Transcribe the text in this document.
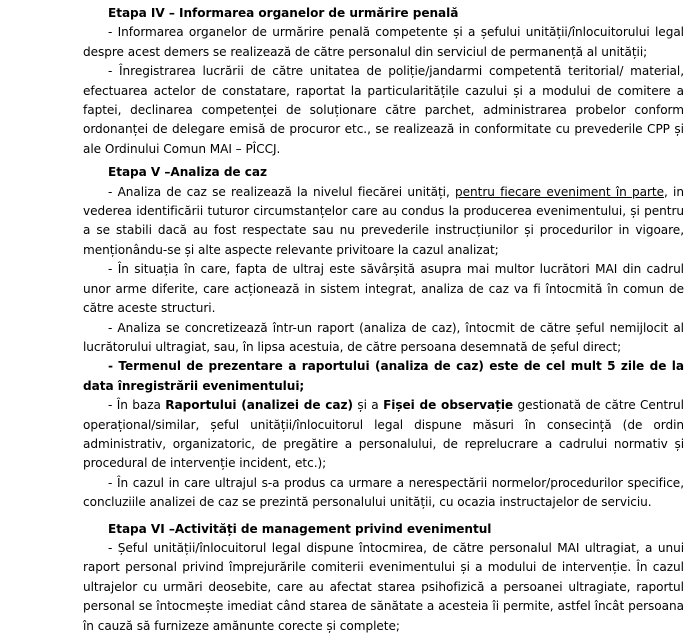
Etapa IV – Informarea organelor de urmărire penală
- Informarea organelor de urmărire penală competente și a șefului unității/înlocuitorului legal despre acest demers se realizează de către personalul din serviciul de permanență al unității;
- Înregistrarea lucrării de către unitatea de poliție/jandarmi competentă teritorial/ material, efectuarea actelor de constatare, raportat la particularitățile cazului și a modului de comitere a faptei, declinarea competenței de soluționare către parchet, administrarea probelor conform ordonanței de delegare emisă de procuror etc., se realizează in conformitate cu prevederile CPP și ale Ordinului Comun MAI – PÎCCJ.
Etapa V –Analiza de caz
- Analiza de caz se realizează la nivelul fiecărei unități, pentru fiecare eveniment în parte, in vederea identificării tuturor circumstanțelor care au condus la producerea evenimentului, și pentru a se stabili dacă au fost respectate sau nu prevederile instrucțiunilor și procedurilor in vigoare, menționându-se și alte aspecte relevante privitoare la cazul analizat;
- În situația în care, fapta de ultraj este săvârșită asupra mai multor lucrători MAI din cadrul unor arme diferite, care acționează in sistem integrat, analiza de caz va fi întocmită în comun de către aceste structuri.
- Analiza se concretizează într-un raport (analiza de caz), întocmit de către șeful nemijlocit al lucrătorului ultragiat, sau, în lipsa acestuia, de către persoana desemnată de șeful direct;
- Termenul de prezentare a raportului (analiza de caz) este de cel mult 5 zile de la data înregistrării evenimentului;
- În baza Raportului (analizei de caz) și a Fișei de observație gestionată de către Centrul operațional/similar, șeful unității/înlocuitorul legal dispune măsuri în consecință (de ordin administrativ, organizatoric, de pregătire a personalului, de reprelucrare a cadrului normativ și procedural de intervenție incident, etc.);
- În cazul in care ultrajul s-a produs ca urmare a nerespectării normelor/procedurilor specifice, concluziile analizei de caz se prezintă personalului unității, cu ocazia instructajelor de serviciu.
Etapa VI –Activități de management privind evenimentul
- Șeful unității/înlocuitorul legal dispune întocmirea, de către personalul MAI ultragiat, a unui raport personal privind împrejurările comiterii evenimentului și a modului de intervenție. În cazul ultrajelor cu urmări deosebite, care au afectat starea psihofizică a persoanei ultragiate, raportul personal se întocmește imediat când starea de sănătate a acesteia îi permite, astfel încât persoana în cauză să furnizeze amănunte corecte și complete;
